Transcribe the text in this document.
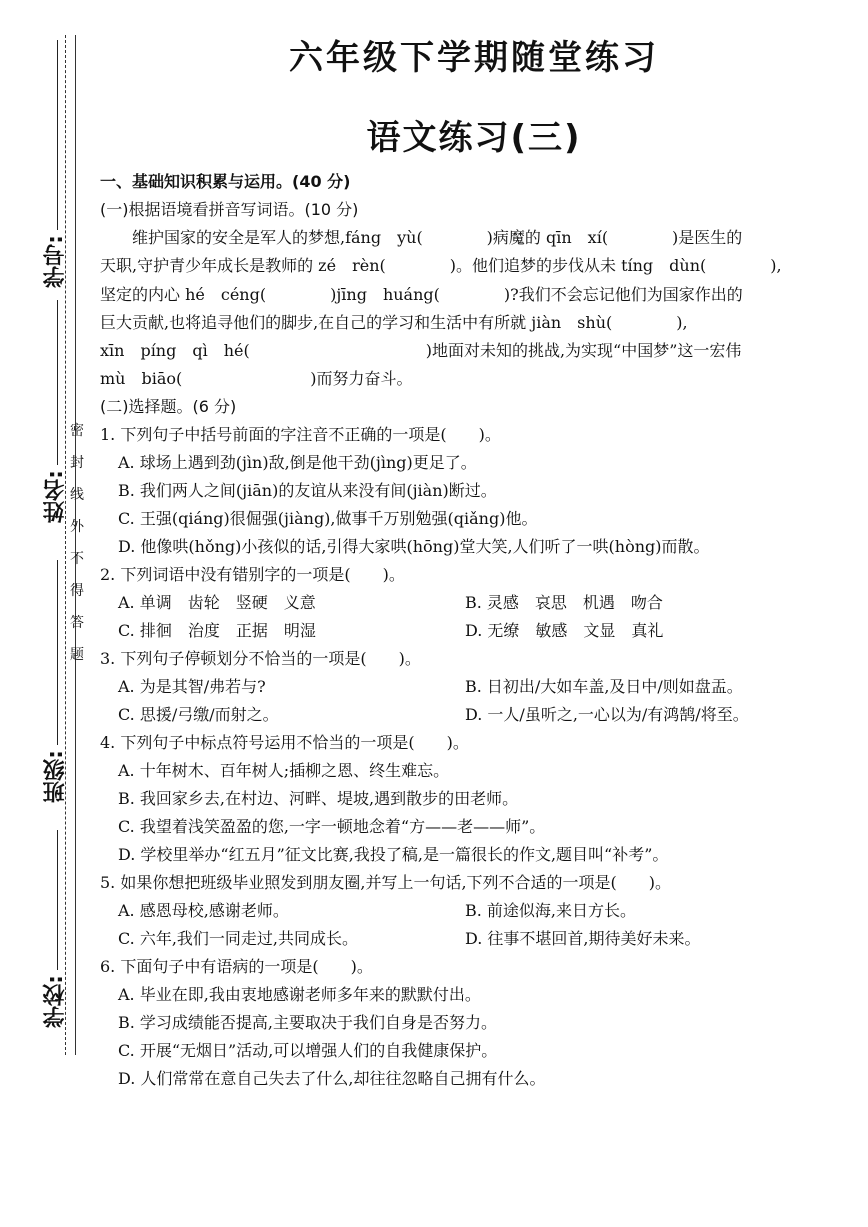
学号:
姓名:
班级:
学校:
密
封
线
外
不
得
答
题
六年级下学期随堂练习
语文练习(三)
一、基础知识积累与运用。(40 分)
(一)根据语境看拼音写词语。(10 分)
维护国家的安全是军人的梦想,fáng　yù(　　　　)病魔的 qīn　xí(　　　　)是医生的
天职,守护青少年成长是教师的 zé　rèn(　　　　)。他们追梦的步伐从未 tíng　dùn(　　　　),
坚定的内心 hé　céng(　　　　)jīng　huáng(　　　　)?我们不会忘记他们为国家作出的
巨大贡献,也将追寻他们的脚步,在自己的学习和生活中有所就 jiàn　shù(　　　　),
xīn　píng　qì　hé(　　　　　　　　　　　)地面对未知的挑战,为实现“中国梦”这一宏伟
mù　biāo(　　　　　　　　)而努力奋斗。
(二)选择题。(6 分)
1. 下列句子中括号前面的字注音不正确的一项是(　　)。
A. 球场上遇到劲(jìn)敌,倒是他干劲(jìng)更足了。
B. 我们两人之间(jiān)的友谊从来没有间(jiàn)断过。
C. 王强(qiáng)很倔强(jiàng),做事千万别勉强(qiǎng)他。
D. 他像哄(hǒng)小孩似的话,引得大家哄(hōng)堂大笑,人们听了一哄(hòng)而散。
2. 下列词语中没有错别字的一项是(　　)。
A. 单调　齿轮　竖硬　义意	B. 灵感　哀思　机遇　吻合
C. 排徊　治度　正据　明湿	D. 无缭　敏感　文显　真礼
3. 下列句子停顿划分不恰当的一项是(　　)。
A. 为是其智/弗若与?	B. 日初出/大如车盖,及日中/则如盘盂。
C. 思援/弓缴/而射之。	D. 一人/虽听之,一心以为/有鸿鹄/将至。
4. 下列句子中标点符号运用不恰当的一项是(　　)。
A. 十年树木、百年树人;插柳之恩、终生难忘。
B. 我回家乡去,在村边、河畔、堤坡,遇到散步的田老师。
C. 我望着浅笑盈盈的您,一字一顿地念着“方——老——师”。
D. 学校里举办“红五月”征文比赛,我投了稿,是一篇很长的作文,题目叫“补考”。
5. 如果你想把班级毕业照发到朋友圈,并写上一句话,下列不合适的一项是(　　)。
A. 感恩母校,感谢老师。	B. 前途似海,来日方长。
C. 六年,我们一同走过,共同成长。	D. 往事不堪回首,期待美好未来。
6. 下面句子中有语病的一项是(　　)。
A. 毕业在即,我由衷地感谢老师多年来的默默付出。
B. 学习成绩能否提高,主要取决于我们自身是否努力。
C. 开展“无烟日”活动,可以增强人们的自我健康保护。
D. 人们常常在意自己失去了什么,却往往忽略自己拥有什么。
